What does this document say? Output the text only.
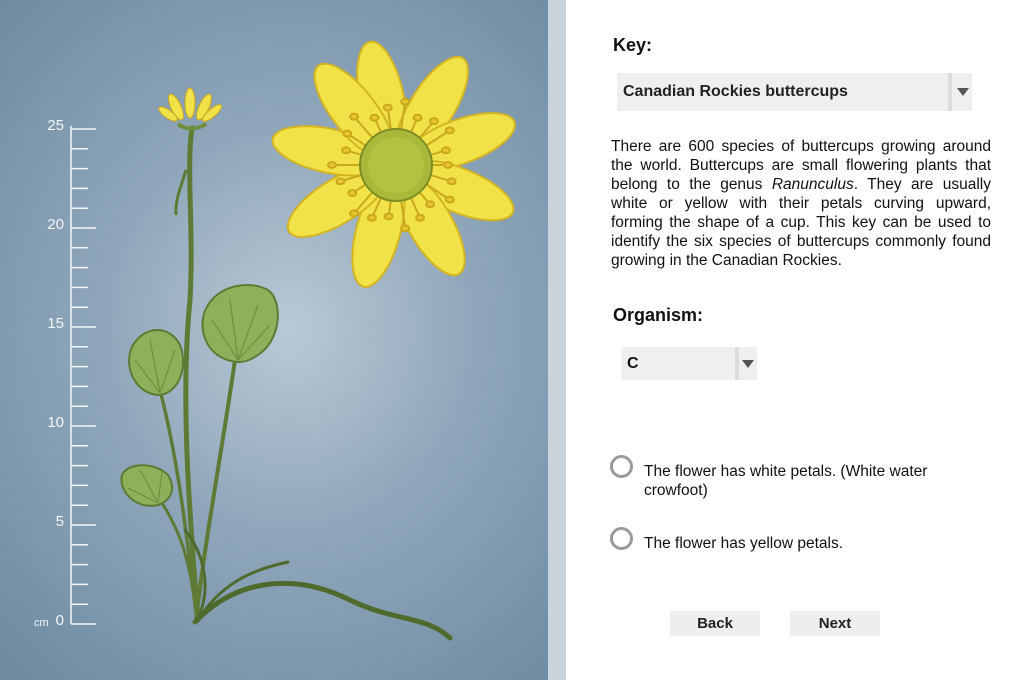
cm 0
5
10
15
20
25
Key:
Canadian Rockies buttercups

There are 600 species of buttercups growing around the world. Buttercups are small flowering plants that belong to the genus Ranunculus. They are usually white or yellow with their petals curving upward, forming the shape of a cup. This key can be used to identify the six species of buttercups commonly found growing in the Canadian Rockies.

Organism:
C
The flower has white petals. (White water crowfoot)
The flower has yellow petals.
Back	Next
